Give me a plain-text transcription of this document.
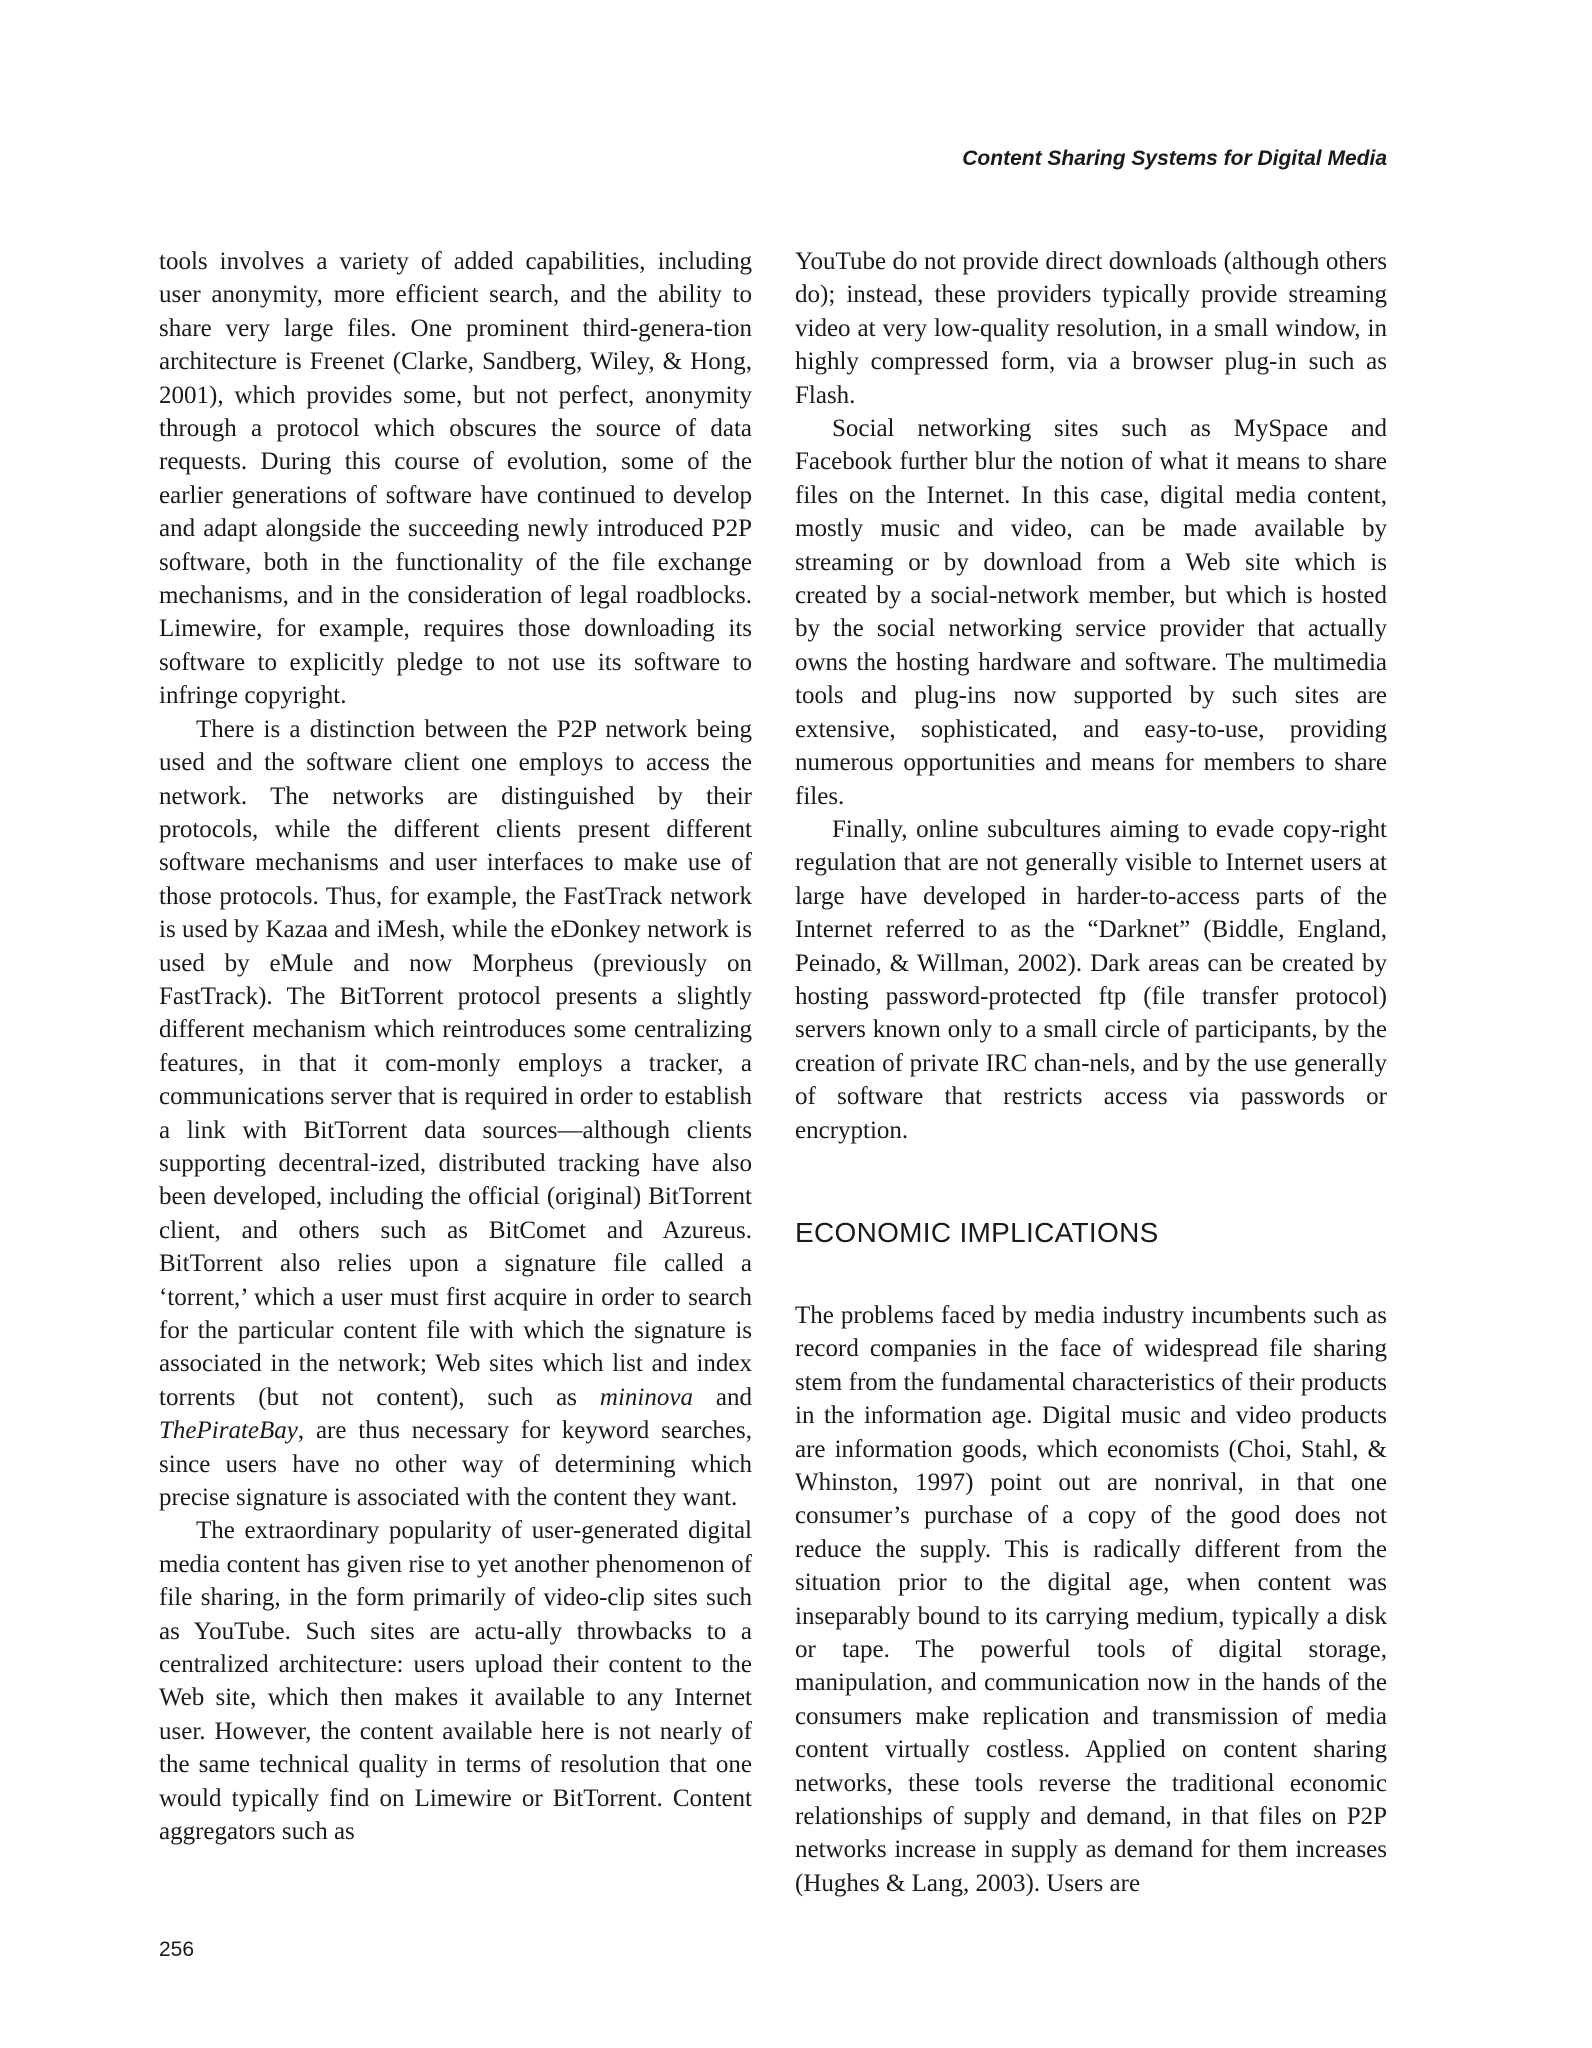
Content Sharing Systems for Digital Media

tools involves a variety of added capabilities, including user anonymity, more efficient search, and the ability to share very large files. One prominent third-genera-tion architecture is Freenet (Clarke, Sandberg, Wiley, & Hong, 2001), which provides some, but not perfect, anonymity through a protocol which obscures the source of data requests. During this course of evolution, some of the earlier generations of software have continued to develop and adapt alongside the succeeding newly introduced P2P software, both in the functionality of the file exchange mechanisms, and in the consideration of legal roadblocks. Limewire, for example, requires those downloading its software to explicitly pledge to not use its software to infringe copyright.

There is a distinction between the P2P network being used and the software client one employs to access the network. The networks are distinguished by their protocols, while the different clients present different software mechanisms and user interfaces to make use of those protocols. Thus, for example, the FastTrack network is used by Kazaa and iMesh, while the eDonkey network is used by eMule and now Morpheus (previously on FastTrack). The BitTorrent protocol presents a slightly different mechanism which reintroduces some centralizing features, in that it com-monly employs a tracker, a communications server that is required in order to establish a link with BitTorrent data sources—although clients supporting decentral-ized, distributed tracking have also been developed, including the official (original) BitTorrent client, and others such as BitComet and Azureus. BitTorrent also relies upon a signature file called a ‘torrent,’ which a user must first acquire in order to search for the particular content file with which the signature is associated in the network; Web sites which list and index torrents (but not content), such as mininova and ThePirateBay, are thus necessary for keyword searches, since users have no other way of determining which precise signature is associated with the content they want.

The extraordinary popularity of user-generated digital media content has given rise to yet another phenomenon of file sharing, in the form primarily of video-clip sites such as YouTube. Such sites are actu-ally throwbacks to a centralized architecture: users upload their content to the Web site, which then makes it available to any Internet user. However, the content available here is not nearly of the same technical quality in terms of resolution that one would typically find on Limewire or BitTorrent. Content aggregators such as

YouTube do not provide direct downloads (although others do); instead, these providers typically provide streaming video at very low-quality resolution, in a small window, in highly compressed form, via a browser plug-in such as Flash.

Social networking sites such as MySpace and Facebook further blur the notion of what it means to share files on the Internet. In this case, digital media content, mostly music and video, can be made available by streaming or by download from a Web site which is created by a social-network member, but which is hosted by the social networking service provider that actually owns the hosting hardware and software. The multimedia tools and plug-ins now supported by such sites are extensive, sophisticated, and easy-to-use, providing numerous opportunities and means for members to share files.

Finally, online subcultures aiming to evade copy-right regulation that are not generally visible to Internet users at large have developed in harder-to-access parts of the Internet referred to as the “Darknet” (Biddle, England, Peinado, & Willman, 2002). Dark areas can be created by hosting password-protected ftp (file transfer protocol) servers known only to a small circle of participants, by the creation of private IRC chan-nels, and by the use generally of software that restricts access via passwords or encryption.

ECONOMIC IMPLICATIONS

The problems faced by media industry incumbents such as record companies in the face of widespread file sharing stem from the fundamental characteristics of their products in the information age. Digital music and video products are information goods, which economists (Choi, Stahl, & Whinston, 1997) point out are nonrival, in that one consumer’s purchase of a copy of the good does not reduce the supply. This is radically different from the situation prior to the digital age, when content was inseparably bound to its carrying medium, typically a disk or tape. The powerful tools of digital storage, manipulation, and communication now in the hands of the consumers make replication and transmission of media content virtually costless. Applied on content sharing networks, these tools reverse the traditional economic relationships of supply and demand, in that files on P2P networks increase in supply as demand for them increases (Hughes & Lang, 2003). Users are

256
